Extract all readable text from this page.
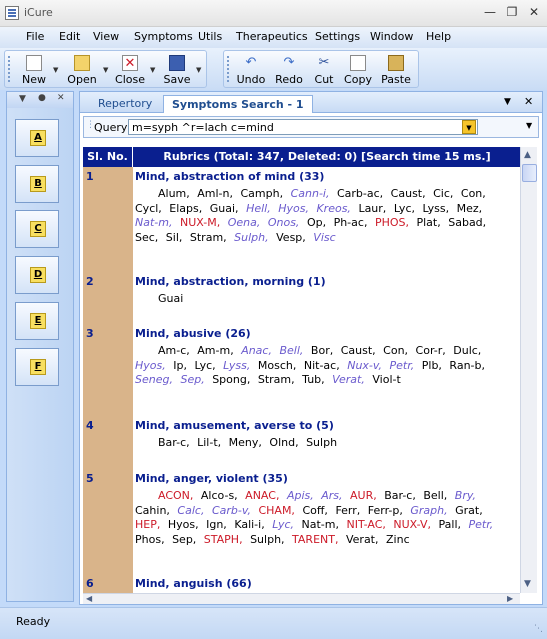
iCure	— ❐ ✕
File Edit View Symptoms Utils Therapeutics Settings Window Help
New
▼
Open
▼ ✕
Close
▼
Save
▼	↶
Undo
↷
Redo
✂
Cut Copy Paste
▼ ● ✕
A
B
C
D
E
F
Repertory	Symptoms Search - 1	▼ ✕
⋮ Query
m=syph ^r=lach c=mind	▼	▼
Sl. No.	Rubrics (Total: 347, Deleted: 0) [Search time 15 ms.]
1	Mind, abstraction of mind (33)
Alum, Aml-n, Camph, Cann-i, Carb-ac, Caust, Cic, Con, Cycl, Elaps, Guai, Hell, Hyos, Kreos, Laur, Lyc, Lyss, Mez, Nat-m, NUX-M, Oena, Onos, Op, Ph-ac, PHOS, Plat, Sabad, Sec, Sil, Stram, Sulph, Vesp, Visc
2	Mind, abstraction, morning (1)
Guai
3	Mind, abusive (26)
Am-c, Am-m, Anac, Bell, Bor, Caust, Con, Cor-r, Dulc, Hyos, Ip, Lyc, Lyss, Mosch, Nit-ac, Nux-v, Petr, Plb, Ran-b, Seneg, Sep, Spong, Stram, Tub, Verat, Viol-t
4	Mind, amusement, averse to (5)
Bar-c, Lil-t, Meny, Olnd, Sulph
5	Mind, anger, violent (35)
ACON, Alco-s, ANAC, Apis, Ars, AUR, Bar-c, Bell, Bry, Cahin, Calc, Carb-v, CHAM, Coff, Ferr, Ferr-p, Graph, Grat, HEP, Hyos, Ign, Kali-i, Lyc, Nat-m, NIT-AC, NUX-V, Pall, Petr, Phos, Sep, STAPH, Sulph, TARENT, Verat, Zinc
6	Mind, anguish (66)
▲
▼
◀	▶
Ready
⋱
